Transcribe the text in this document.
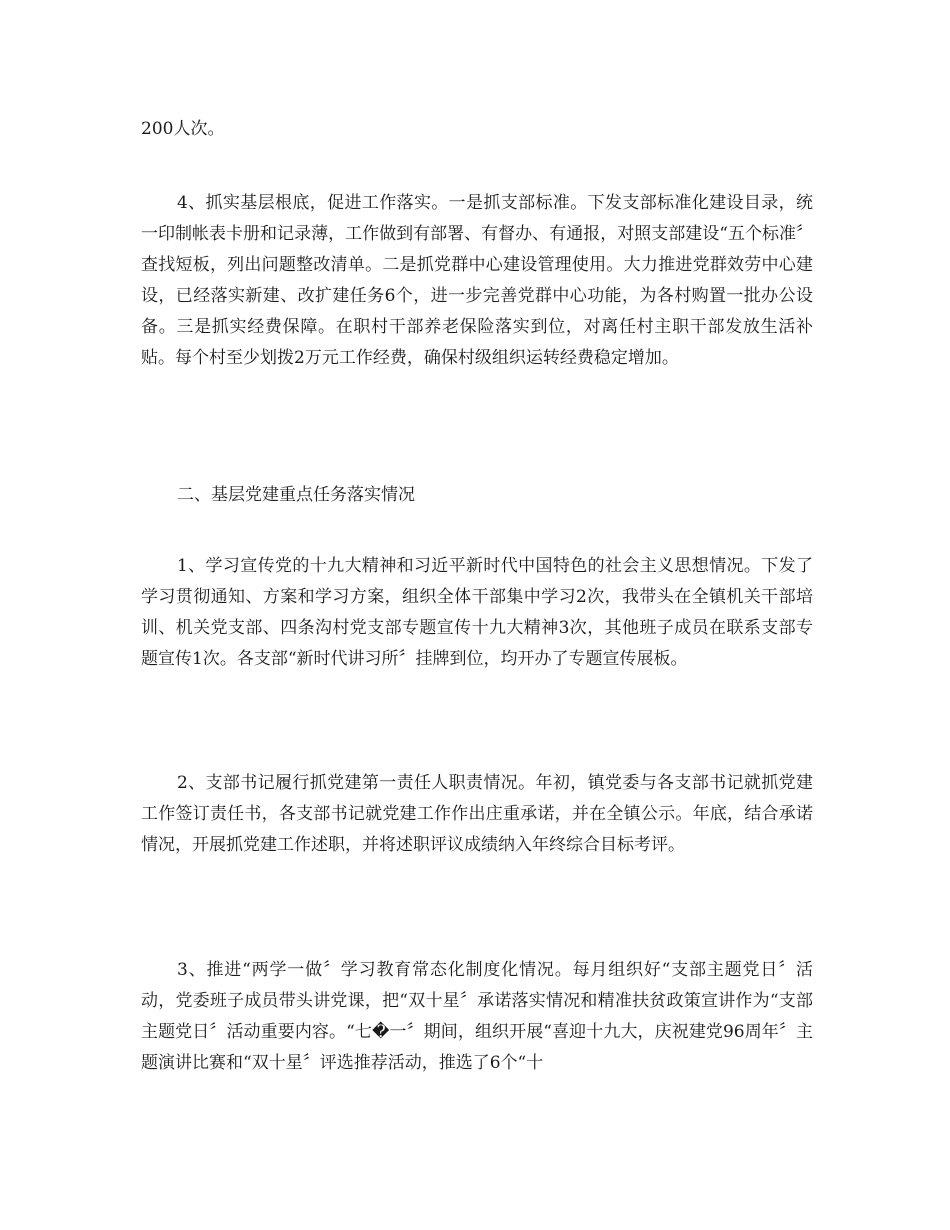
200人次。

4、抓实基层根底，促进工作落实。一是抓支部标准。下发支部标准化建设目录，统一印制帐表卡册和记录薄，工作做到有部署、有督办、有通报，对照支部建设“五个标准〞查找短板，列出问题整改清单。二是抓党群中心建设管理使用。大力推进党群效劳中心建设，已经落实新建、改扩建任务6个，进一步完善党群中心功能，为各村购置一批办公设备。三是抓实经费保障。在职村干部养老保险落实到位，对离任村主职干部发放生活补贴。每个村至少划拨2万元工作经费，确保村级组织运转经费稳定增加。

二、基层党建重点任务落实情况

1、学习宣传党的十九大精神和习近平新时代中国特色的社会主义思想情况。下发了学习贯彻通知、方案和学习方案，组织全体干部集中学习2次，我带头在全镇机关干部培训、机关党支部、四条沟村党支部专题宣传十九大精神3次，其他班子成员在联系支部专题宣传1次。各支部“新时代讲习所〞挂牌到位，均开办了专题宣传展板。

2、支部书记履行抓党建第一责任人职责情况。年初，镇党委与各支部书记就抓党建工作签订责任书，各支部书记就党建工作作出庄重承诺，并在全镇公示。年底，结合承诺情况，开展抓党建工作述职，并将述职评议成绩纳入年终综合目标考评。

3、推进“两学一做〞学习教育常态化制度化情况。每月组织好“支部主题党日〞活动，党委班子成员带头讲党课，把“双十星〞承诺落实情况和精准扶贫政策宣讲作为“支部主题党日〞活动重要内容。“七�一〞期间，组织开展“喜迎十九大，庆祝建党96周年〞主题演讲比赛和“双十星〞评选推荐活动，推选了6个“十
